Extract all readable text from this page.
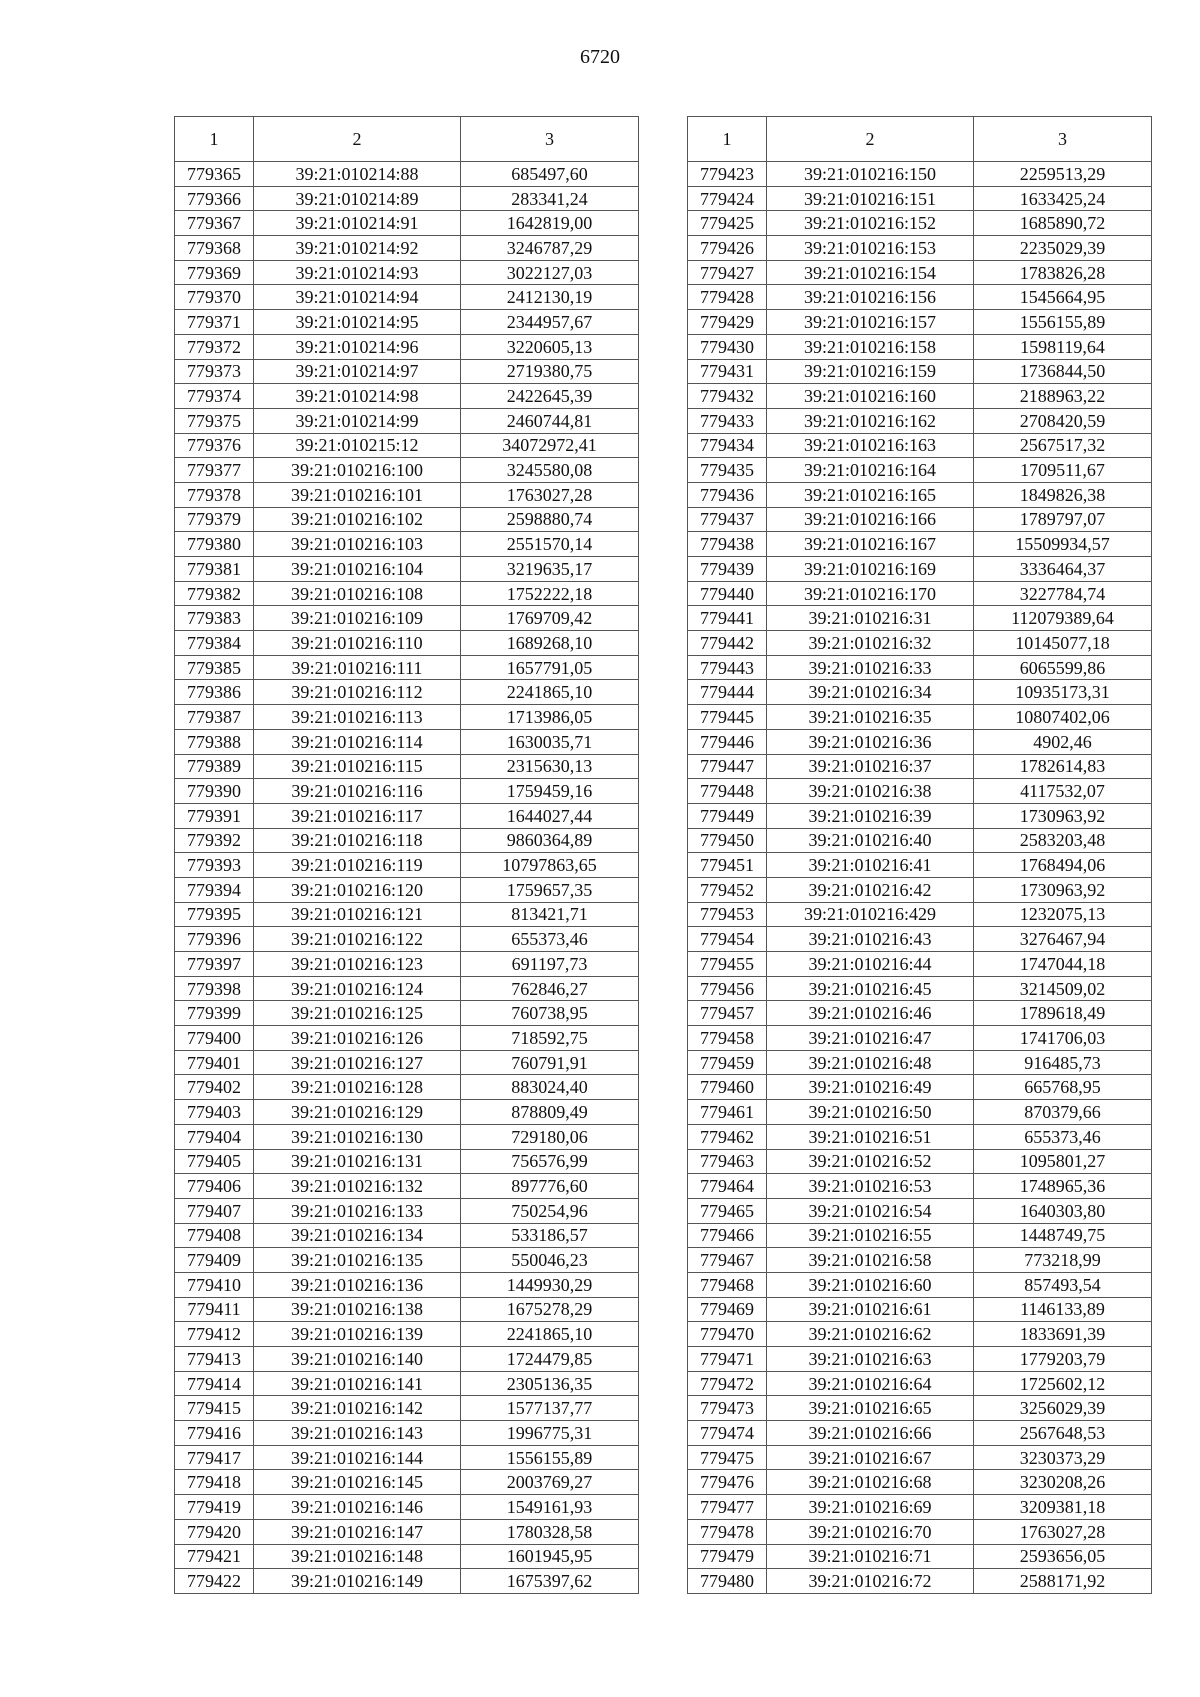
6720
1	2	3
779365	39:21:010214:88	685497,60
779366	39:21:010214:89	283341,24
779367	39:21:010214:91	1642819,00
779368	39:21:010214:92	3246787,29
779369	39:21:010214:93	3022127,03
779370	39:21:010214:94	2412130,19
779371	39:21:010214:95	2344957,67
779372	39:21:010214:96	3220605,13
779373	39:21:010214:97	2719380,75
779374	39:21:010214:98	2422645,39
779375	39:21:010214:99	2460744,81
779376	39:21:010215:12	34072972,41
779377	39:21:010216:100	3245580,08
779378	39:21:010216:101	1763027,28
779379	39:21:010216:102	2598880,74
779380	39:21:010216:103	2551570,14
779381	39:21:010216:104	3219635,17
779382	39:21:010216:108	1752222,18
779383	39:21:010216:109	1769709,42
779384	39:21:010216:110	1689268,10
779385	39:21:010216:111	1657791,05
779386	39:21:010216:112	2241865,10
779387	39:21:010216:113	1713986,05
779388	39:21:010216:114	1630035,71
779389	39:21:010216:115	2315630,13
779390	39:21:010216:116	1759459,16
779391	39:21:010216:117	1644027,44
779392	39:21:010216:118	9860364,89
779393	39:21:010216:119	10797863,65
779394	39:21:010216:120	1759657,35
779395	39:21:010216:121	813421,71
779396	39:21:010216:122	655373,46
779397	39:21:010216:123	691197,73
779398	39:21:010216:124	762846,27
779399	39:21:010216:125	760738,95
779400	39:21:010216:126	718592,75
779401	39:21:010216:127	760791,91
779402	39:21:010216:128	883024,40
779403	39:21:010216:129	878809,49
779404	39:21:010216:130	729180,06
779405	39:21:010216:131	756576,99
779406	39:21:010216:132	897776,60
779407	39:21:010216:133	750254,96
779408	39:21:010216:134	533186,57
779409	39:21:010216:135	550046,23
779410	39:21:010216:136	1449930,29
779411	39:21:010216:138	1675278,29
779412	39:21:010216:139	2241865,10
779413	39:21:010216:140	1724479,85
779414	39:21:010216:141	2305136,35
779415	39:21:010216:142	1577137,77
779416	39:21:010216:143	1996775,31
779417	39:21:010216:144	1556155,89
779418	39:21:010216:145	2003769,27
779419	39:21:010216:146	1549161,93
779420	39:21:010216:147	1780328,58
779421	39:21:010216:148	1601945,95
779422	39:21:010216:149	1675397,62
1	2	3
779423	39:21:010216:150	2259513,29
779424	39:21:010216:151	1633425,24
779425	39:21:010216:152	1685890,72
779426	39:21:010216:153	2235029,39
779427	39:21:010216:154	1783826,28
779428	39:21:010216:156	1545664,95
779429	39:21:010216:157	1556155,89
779430	39:21:010216:158	1598119,64
779431	39:21:010216:159	1736844,50
779432	39:21:010216:160	2188963,22
779433	39:21:010216:162	2708420,59
779434	39:21:010216:163	2567517,32
779435	39:21:010216:164	1709511,67
779436	39:21:010216:165	1849826,38
779437	39:21:010216:166	1789797,07
779438	39:21:010216:167	15509934,57
779439	39:21:010216:169	3336464,37
779440	39:21:010216:170	3227784,74
779441	39:21:010216:31	112079389,64
779442	39:21:010216:32	10145077,18
779443	39:21:010216:33	6065599,86
779444	39:21:010216:34	10935173,31
779445	39:21:010216:35	10807402,06
779446	39:21:010216:36	4902,46
779447	39:21:010216:37	1782614,83
779448	39:21:010216:38	4117532,07
779449	39:21:010216:39	1730963,92
779450	39:21:010216:40	2583203,48
779451	39:21:010216:41	1768494,06
779452	39:21:010216:42	1730963,92
779453	39:21:010216:429	1232075,13
779454	39:21:010216:43	3276467,94
779455	39:21:010216:44	1747044,18
779456	39:21:010216:45	3214509,02
779457	39:21:010216:46	1789618,49
779458	39:21:010216:47	1741706,03
779459	39:21:010216:48	916485,73
779460	39:21:010216:49	665768,95
779461	39:21:010216:50	870379,66
779462	39:21:010216:51	655373,46
779463	39:21:010216:52	1095801,27
779464	39:21:010216:53	1748965,36
779465	39:21:010216:54	1640303,80
779466	39:21:010216:55	1448749,75
779467	39:21:010216:58	773218,99
779468	39:21:010216:60	857493,54
779469	39:21:010216:61	1146133,89
779470	39:21:010216:62	1833691,39
779471	39:21:010216:63	1779203,79
779472	39:21:010216:64	1725602,12
779473	39:21:010216:65	3256029,39
779474	39:21:010216:66	2567648,53
779475	39:21:010216:67	3230373,29
779476	39:21:010216:68	3230208,26
779477	39:21:010216:69	3209381,18
779478	39:21:010216:70	1763027,28
779479	39:21:010216:71	2593656,05
779480	39:21:010216:72	2588171,92
